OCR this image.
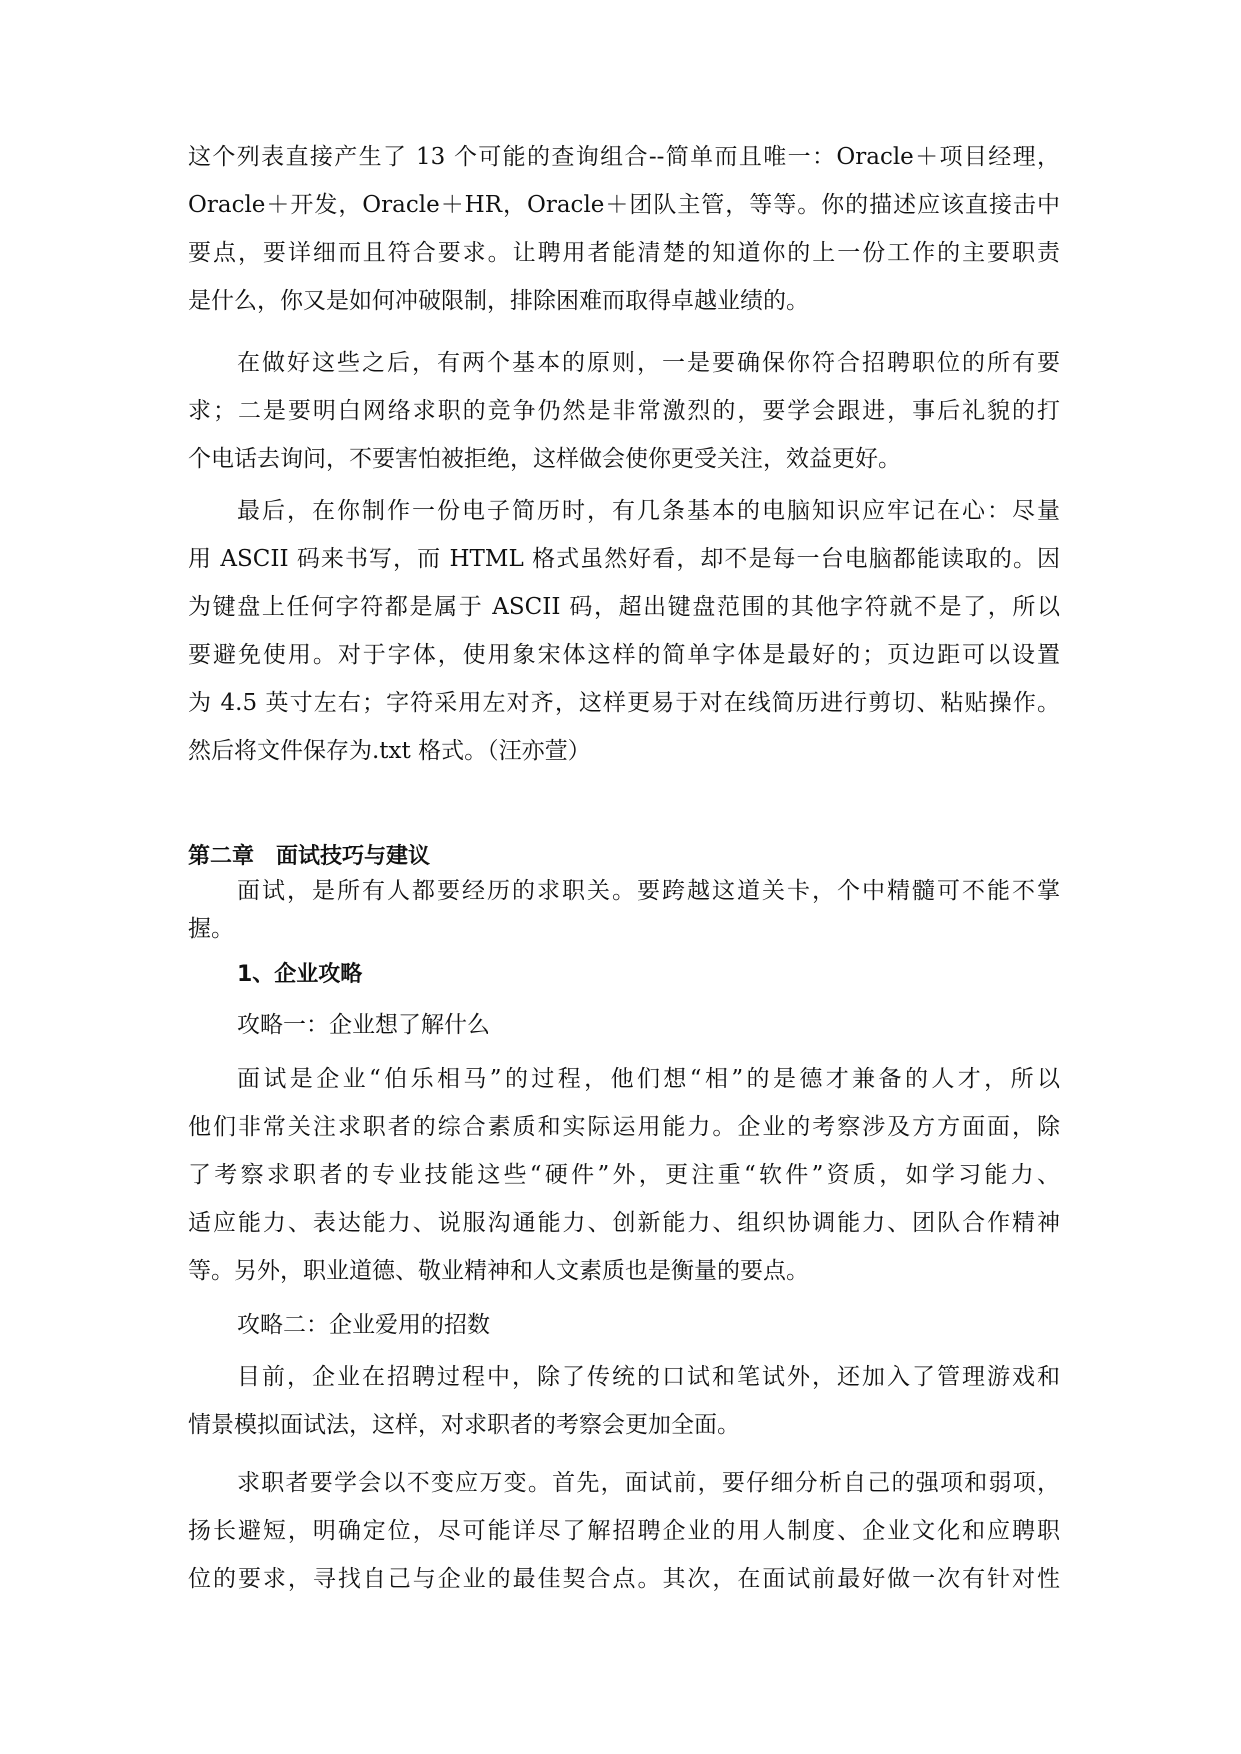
这个列表直接产生了 13 个可能的查询组合--简单而且唯一：Oracle＋项目经理，
Oracle＋开发，Oracle＋HR，Oracle＋团队主管，等等。你的描述应该直接击中
要点，要详细而且符合要求。让聘用者能清楚的知道你的上一份工作的主要职责
是什么，你又是如何冲破限制，排除困难而取得卓越业绩的。
在做好这些之后，有两个基本的原则，一是要确保你符合招聘职位的所有要
求；二是要明白网络求职的竞争仍然是非常激烈的，要学会跟进，事后礼貌的打
个电话去询问，不要害怕被拒绝，这样做会使你更受关注，效益更好。
最后，在你制作一份电子简历时，有几条基本的电脑知识应牢记在心：尽量
用 ASCII 码来书写，而 HTML 格式虽然好看，却不是每一台电脑都能读取的。因
为键盘上任何字符都是属于 ASCII 码，超出键盘范围的其他字符就不是了，所以
要避免使用。对于字体，使用象宋体这样的简单字体是最好的；页边距可以设置
为 4.5 英寸左右；字符采用左对齐，这样更易于对在线简历进行剪切、粘贴操作。
然后将文件保存为.txt 格式。（汪亦萱）
第二章　面试技巧与建议
面试，是所有人都要经历的求职关。要跨越这道关卡，个中精髓可不能不掌
握。
1、企业攻略
攻略一：企业想了解什么
面试是企业“伯乐相马”的过程，他们想“相”的是德才兼备的人才，所以
他们非常关注求职者的综合素质和实际运用能力。企业的考察涉及方方面面，除
了考察求职者的专业技能这些“硬件”外，更注重“软件”资质，如学习能力、
适应能力、表达能力、说服沟通能力、创新能力、组织协调能力、团队合作精神
等。另外，职业道德、敬业精神和人文素质也是衡量的要点。
攻略二：企业爱用的招数
目前，企业在招聘过程中，除了传统的口试和笔试外，还加入了管理游戏和
情景模拟面试法，这样，对求职者的考察会更加全面。
求职者要学会以不变应万变。首先，面试前，要仔细分析自己的强项和弱项，
扬长避短，明确定位，尽可能详尽了解招聘企业的用人制度、企业文化和应聘职
位的要求，寻找自己与企业的最佳契合点。其次，在面试前最好做一次有针对性
